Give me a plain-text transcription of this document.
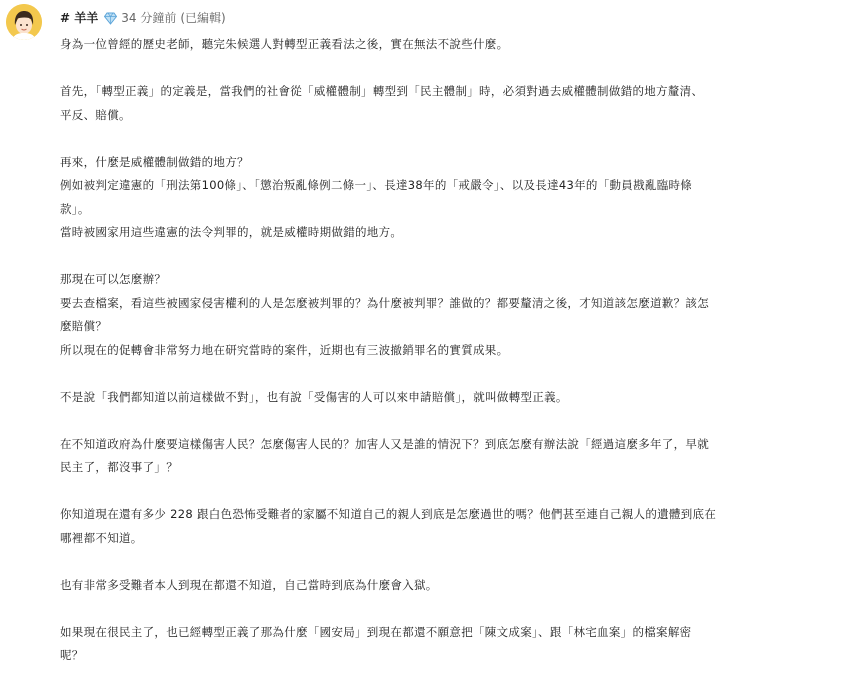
# 羊羊 34 分鐘前 (已編輯)

身為一位曾經的歷史老師，聽完朱候選人對轉型正義看法之後，實在無法不說些什麼。

首先，「轉型正義」的定義是，當我們的社會從「威權體制」轉型到「民主體制」時，必須對過去威權體制做錯的地方釐清、
平反、賠償。

再來，什麼是威權體制做錯的地方？
例如被判定違憲的「刑法第100條」、「懲治叛亂條例二條一」、長達38年的「戒嚴令」、以及長達43年的「動員戡亂臨時條
款」。
當時被國家用這些違憲的法令判罪的，就是威權時期做錯的地方。

那現在可以怎麼辦？
要去查檔案，看這些被國家侵害權利的人是怎麼被判罪的？為什麼被判罪？誰做的？都要釐清之後，才知道該怎麼道歉？該怎
麼賠償？
所以現在的促轉會非常努力地在研究當時的案件，近期也有三波撤銷罪名的實質成果。

不是說「我們都知道以前這樣做不對」，也有說「受傷害的人可以來申請賠償」，就叫做轉型正義。

在不知道政府為什麼要這樣傷害人民？怎麼傷害人民的？加害人又是誰的情況下？到底怎麼有辦法說「經過這麼多年了，早就
民主了，都沒事了」？

你知道現在還有多少 228 跟白色恐怖受難者的家屬不知道自己的親人到底是怎麼過世的嗎？他們甚至連自己親人的遺體到底在
哪裡都不知道。

也有非常多受難者本人到現在都還不知道，自己當時到底為什麼會入獄。

如果現在很民主了，也已經轉型正義了那為什麼「國安局」到現在都還不願意把「陳文成案」、跟「林宅血案」的檔案解密
呢？
